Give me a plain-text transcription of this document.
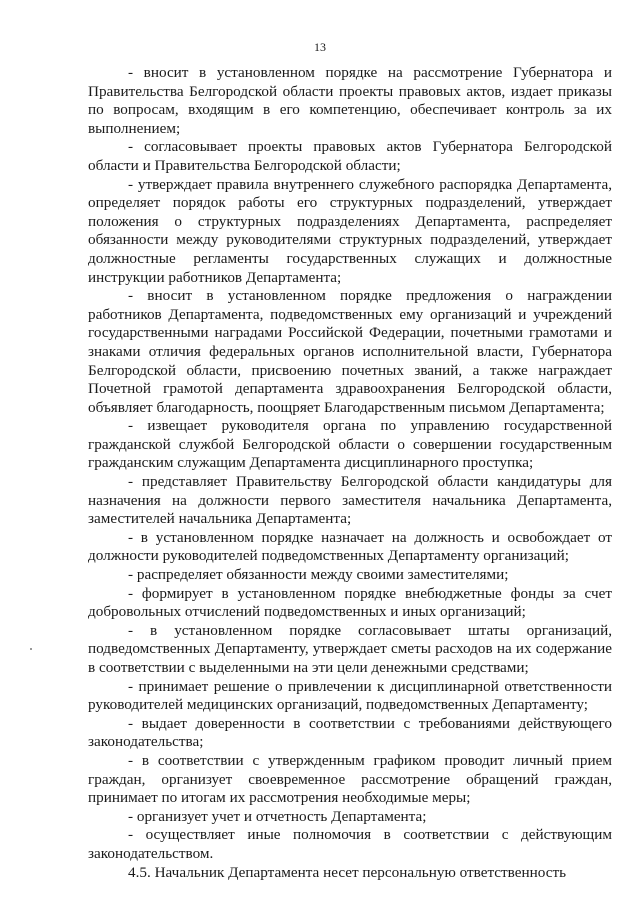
13

- вносит в установленном порядке на рассмотрение Губернатора и Правительства Белгородской области проекты правовых актов, издает приказы по вопросам, входящим в его компетенцию, обеспечивает контроль за их выполнением;

- согласовывает проекты правовых актов Губернатора Белгородской области и Правительства Белгородской области;

- утверждает правила внутреннего служебного распорядка Департамента, определяет порядок работы его структурных подразделений, утверждает положения о структурных подразделениях Департамента, распределяет обязанности между руководителями структурных подразделений, утверждает должностные регламенты государственных служащих и должностные инструкции работников Департамента;

- вносит в установленном порядке предложения о награждении работников Департамента, подведомственных ему организаций и учреждений государственными наградами Российской Федерации, почетными грамотами и знаками отличия федеральных органов исполнительной власти, Губернатора Белгородской области, присвоению почетных званий, а также награждает Почетной грамотой департамента здравоохранения Белгородской области, объявляет благодарность, поощряет Благодарственным письмом Департамента;

- извещает руководителя органа по управлению государственной гражданской службой Белгородской области о совершении государственным гражданским служащим Департамента дисциплинарного проступка;

- представляет Правительству Белгородской области кандидатуры для назначения на должности первого заместителя начальника Департамента, заместителей начальника Департамента;

- в установленном порядке назначает на должность и освобождает от должности руководителей подведомственных Департаменту организаций;

- распределяет обязанности между своими заместителями;

- формирует в установленном порядке внебюджетные фонды за счет добровольных отчислений подведомственных и иных организаций;

- в установленном порядке согласовывает штаты организаций, подведомственных Департаменту, утверждает сметы расходов на их содержание в соответствии с выделенными на эти цели денежными средствами;

- принимает решение о привлечении к дисциплинарной ответственности руководителей медицинских организаций, подведомственных Департаменту;

- выдает доверенности в соответствии с требованиями действующего законодательства;

- в соответствии с утвержденным графиком проводит личный прием граждан, организует своевременное рассмотрение обращений граждан, принимает по итогам их рассмотрения необходимые меры;

- организует учет и отчетность Департамента;

- осуществляет иные полномочия в соответствии с действующим законодательством.

4.5. Начальник Департамента несет персональную ответственность
